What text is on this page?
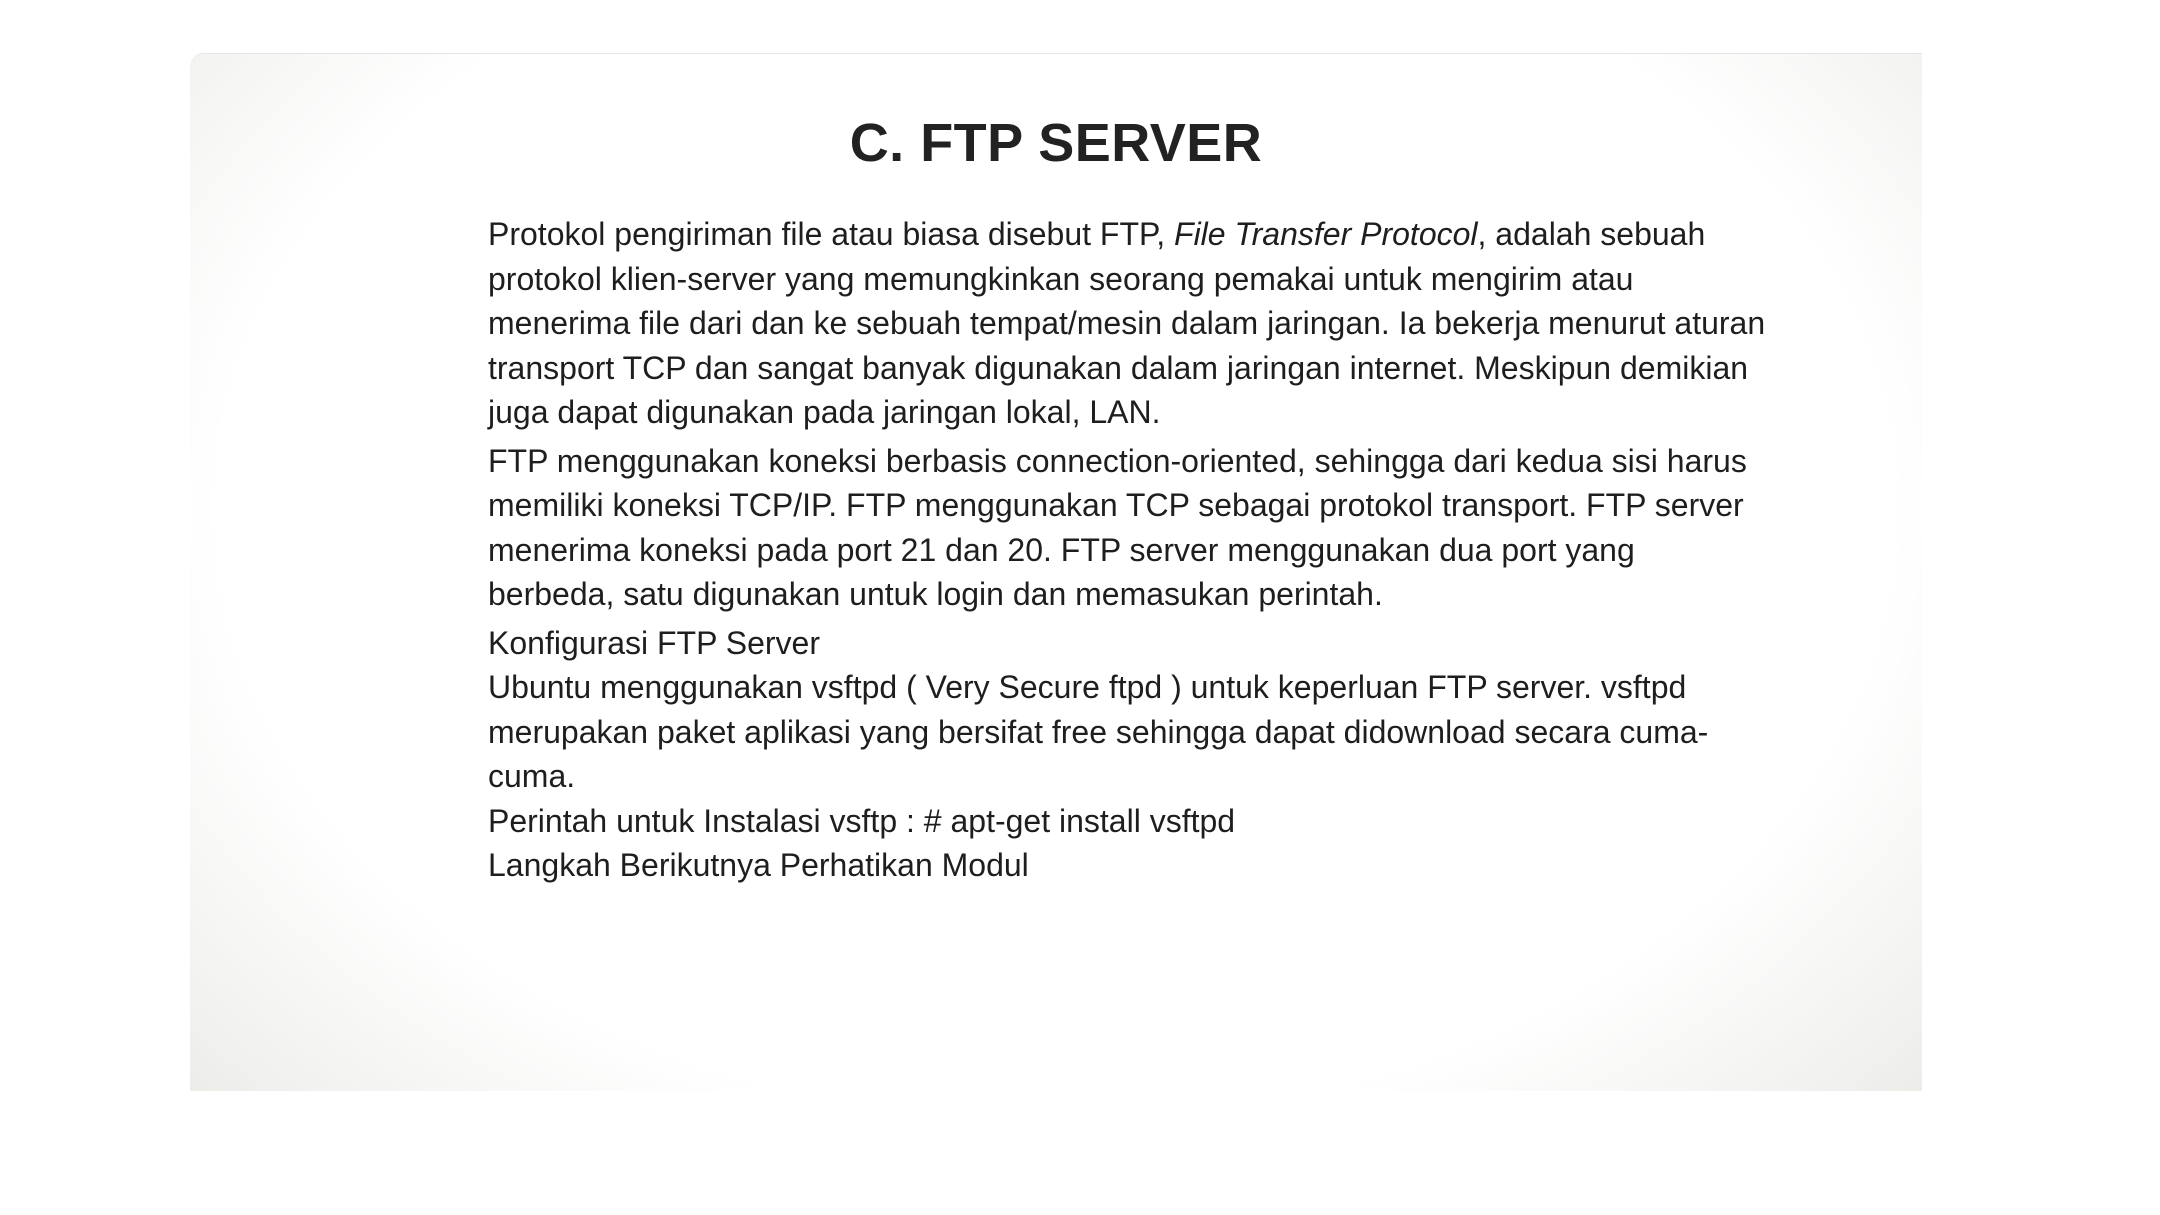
C. FTP SERVER

Protokol pengiriman file atau biasa disebut FTP, File Transfer Protocol, adalah sebuah protokol klien-server yang memungkinkan seorang pemakai untuk mengirim atau menerima file dari dan ke sebuah tempat/mesin dalam jaringan. Ia bekerja menurut aturan transport TCP dan sangat banyak digunakan dalam jaringan internet. Meskipun demikian juga dapat digunakan pada jaringan lokal, LAN.

FTP menggunakan koneksi berbasis connection-oriented, sehingga dari kedua sisi harus memiliki koneksi TCP/IP. FTP menggunakan TCP sebagai protokol transport. FTP server menerima koneksi pada port 21 dan 20. FTP server menggunakan dua port yang berbeda, satu digunakan untuk login dan memasukan perintah.

Konfigurasi FTP Server

Ubuntu menggunakan vsftpd ( Very Secure ftpd ) untuk keperluan FTP server. vsftpd merupakan paket aplikasi yang bersifat free sehingga dapat didownload secara cuma-cuma.

Perintah untuk Instalasi vsftp : # apt-get install vsftpd

Langkah Berikutnya Perhatikan Modul
